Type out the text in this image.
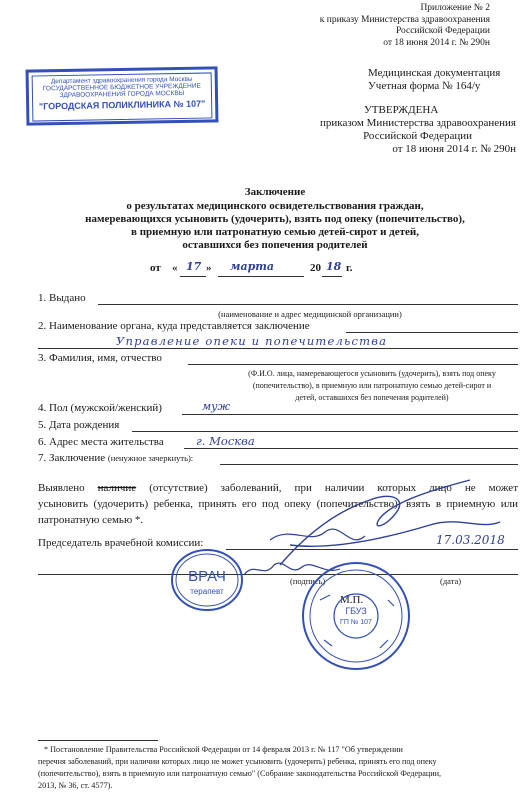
Приложение № 2
к приказу Министерства здравоохранения
Российской Федерации
от 18 июня 2014 г. № 290н
Медицинская документация
Учетная форма № 164/у
УТВЕРЖДЕНА
приказом Министерства здравоохранения
Российской Федерации
от 18 июня 2014 г. № 290н
Департамент здравоохранения города Москвы
ГОСУДАРСТВЕННОЕ БЮДЖЕТНОЕ УЧРЕЖДЕНИЕ
ЗДРАВООХРАНЕНИЯ ГОРОДА МОСКВЫ
"ГОРОДСКАЯ ПОЛИКЛИНИКА № 107"
Заключение
о результатах медицинского освидетельствования граждан,
намеревающихся усыновить (удочерить), взять под опеку (попечительство),
в приемную или патронатную семью детей-сирот и детей,
оставшихся без попечения родителей
от « 17 » марта	20 18 г.
1. Выдано
(наименование и адрес медицинской организации)
2. Наименование органа, куда представляется заключение
Управление опеки и попечительства
3. Фамилия, имя, отчество
(Ф.И.О. лица, намеревающегося усыновить (удочерить), взять под опеку
(попечительство), в приемную или патронатную семью детей-сирот и
детей, оставшихся без попечения родителей)
4. Пол (мужской/женский)	муж
5. Дата рождения
6. Адрес места жительства	г. Москва
7. Заключение (ненужное зачеркнуть):
Выявлено наличие (отсутствие) заболеваний, при наличии которых лицо не может
усыновить (удочерить) ребенка, принять его под опеку (попечительство), взять в приемную или
патронатную семью *.
Председатель врачебной комиссии:	17.03.2018
(подпись)	(дата)
М.П.
ВРАЧ
терапевт
ГБУЗ
ГП № 107
* Постановление Правительства Российской Федерации от 14 февраля 2013 г. № 117 "Об утверждении
перечня заболеваний, при наличии которых лицо не может усыновить (удочерить) ребенка, принять его под опеку
(попечительство), взять в приемную или патронатную семью" (Собрание законодательства Российской Федерации,
2013, № 36, ст. 4577).
